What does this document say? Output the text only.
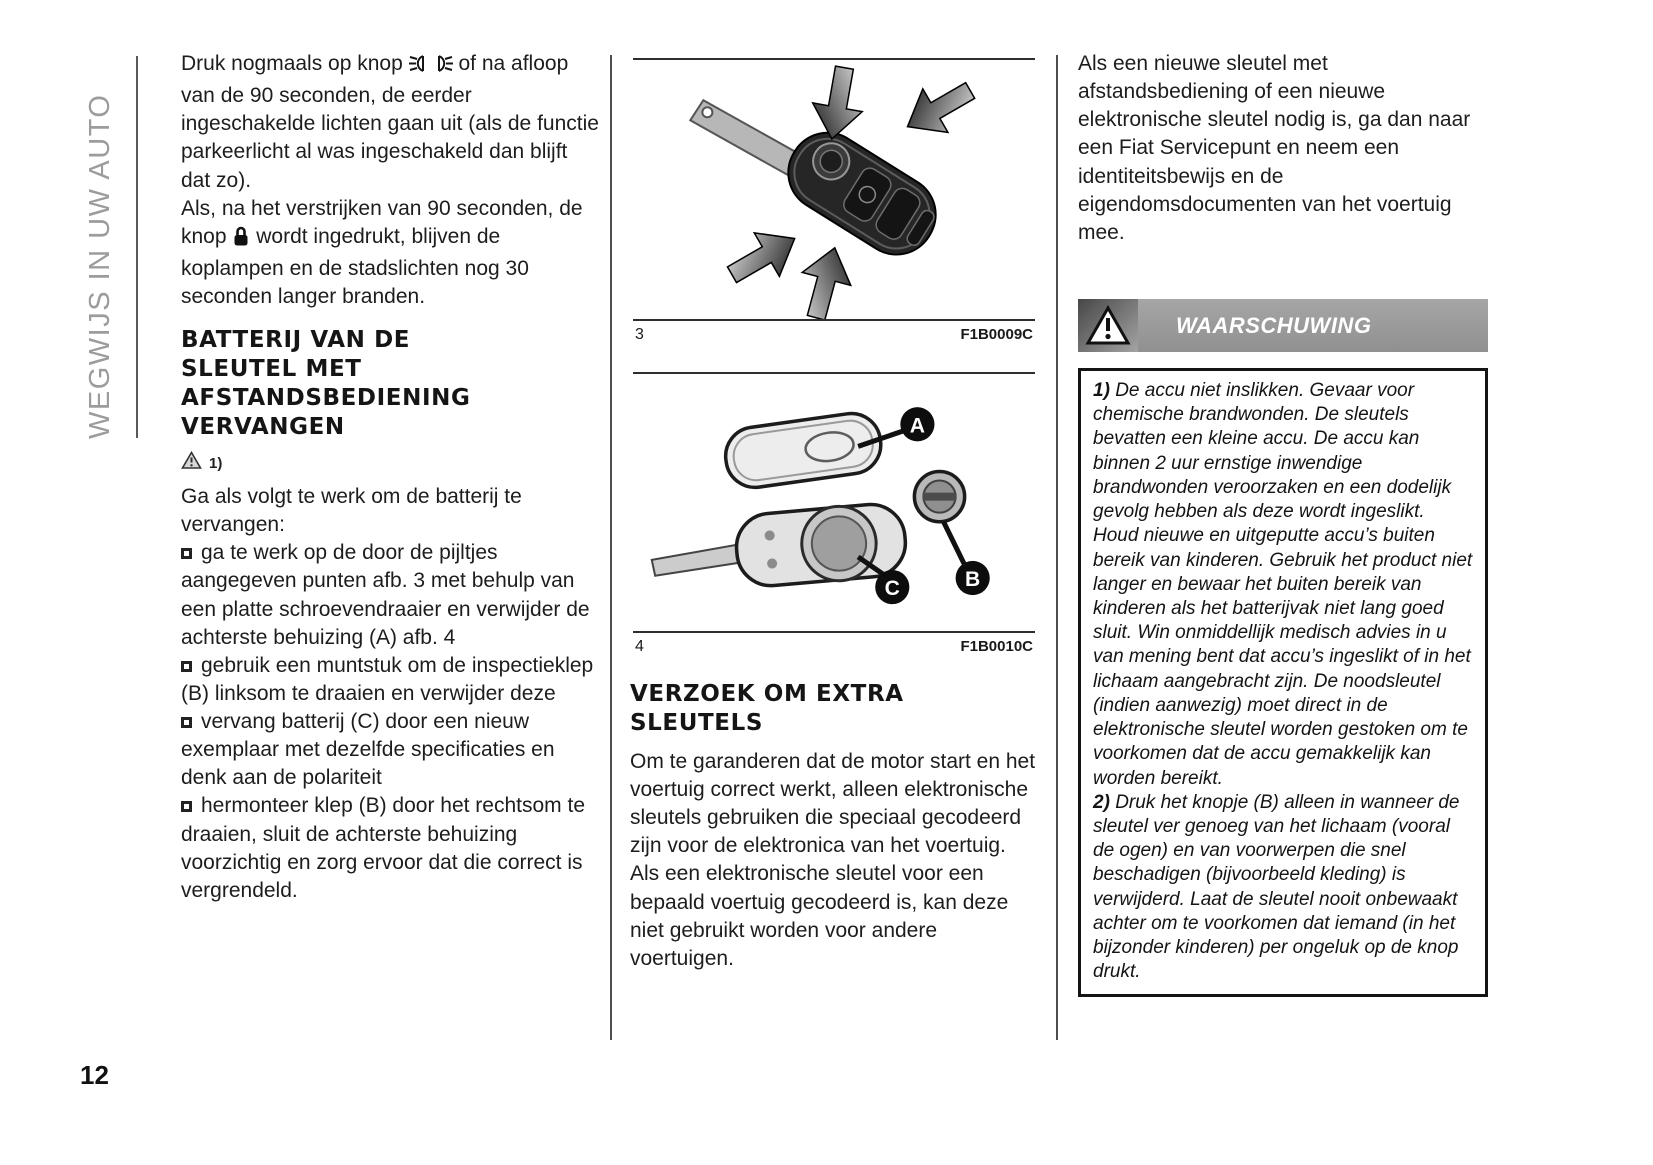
WEGWIJS IN UW AUTO

Druk nogmaals op knop	of na afloop van de 90 seconden, de eerder ingeschakelde lichten gaan uit (als de functie parkeerlicht al was ingeschakeld dan blijft dat zo).

Als, na het verstrijken van 90 seconden, de knop wordt ingedrukt, blijven de koplampen en de stadslichten nog 30 seconden langer branden.

BATTERIJ VAN DE SLEUTEL MET AFSTANDSBEDIENING VERVANGEN
1)

Ga als volgt te werk om de batterij te vervangen:

ga te werk op de door de pijltjes aangegeven punten afb. 3 met behulp van een platte schroevendraaier en verwijder de achterste behuizing (A) afb. 4

gebruik een muntstuk om de inspectieklep (B) linksom te draaien en verwijder deze

vervang batterij (C) door een nieuw exemplaar met dezelfde specificaties en denk aan de polariteit

hermonteer klep (B) door het rechtsom te draaien, sluit de achterste behuizing voorzichtig en zorg ervoor dat die correct is vergrendeld.

3	F1B0009C
A
B
C
4	F1B0010C
VERZOEK OM EXTRA SLEUTELS

Om te garanderen dat de motor start en het voertuig correct werkt, alleen elektronische sleutels gebruiken die speciaal gecodeerd zijn voor de elektronica van het voertuig.

Als een elektronische sleutel voor een bepaald voertuig gecodeerd is, kan deze niet gebruikt worden voor andere voertuigen.

Als een nieuwe sleutel met afstandsbediening of een nieuwe elektronische sleutel nodig is, ga dan naar een Fiat Servicepunt en neem een identiteitsbewijs en de eigendomsdocumenten van het voertuig mee.

WAARSCHUWING

1) De accu niet inslikken. Gevaar voor chemische brandwonden. De sleutels bevatten een kleine accu. De accu kan binnen 2 uur ernstige inwendige brandwonden veroorzaken en een dodelijk gevolg hebben als deze wordt ingeslikt. Houd nieuwe en uitgeputte accu’s buiten bereik van kinderen. Gebruik het product niet langer en bewaar het buiten bereik van kinderen als het batterijvak niet lang goed sluit. Win onmiddellijk medisch advies in u van mening bent dat accu’s ingeslikt of in het lichaam aangebracht zijn. De noodsleutel (indien aanwezig) moet direct in de elektronische sleutel worden gestoken om te voorkomen dat de accu gemakkelijk kan worden bereikt.

2) Druk het knopje (B) alleen in wanneer de sleutel ver genoeg van het lichaam (vooral de ogen) en van voorwerpen die snel beschadigen (bijvoorbeeld kleding) is verwijderd. Laat de sleutel nooit onbewaakt achter om te voorkomen dat iemand (in het bijzonder kinderen) per ongeluk op de knop drukt.

12
